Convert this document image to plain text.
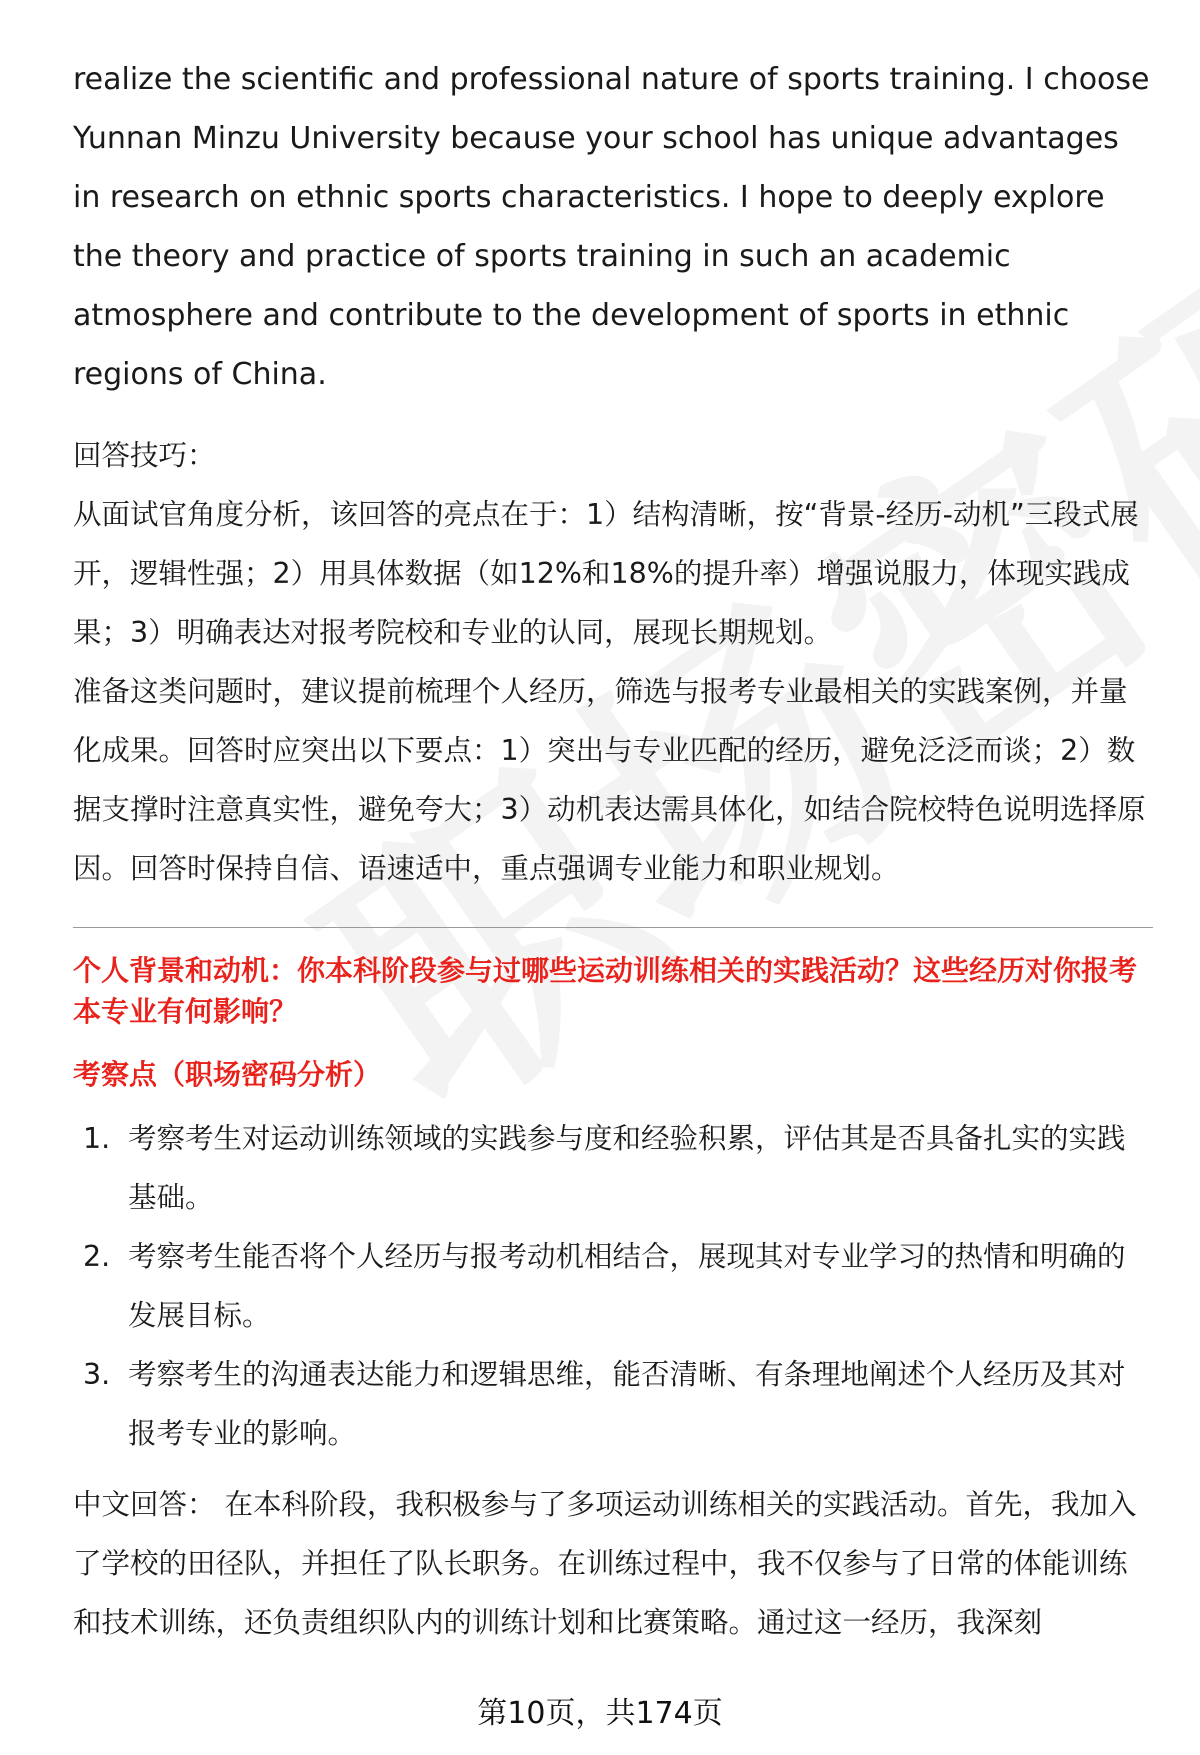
realize the scientific and professional nature of sports training. I choose Yunnan Minzu University because your school has unique advantages in research on ethnic sports characteristics. I hope to deeply explore the theory and practice of sports training in such an academic atmosphere and contribute to the development of sports in ethnic regions of China.

回答技巧：

从面试官角度分析，该回答的亮点在于：1）结构清晰，按“背景-经历-动机”三段式展开，逻辑性强；2）用具体数据（如12%和18%的提升率）增强说服力，体现实践成果；3）明确表达对报考院校和专业的认同，展现长期规划。

准备这类问题时，建议提前梳理个人经历，筛选与报考专业最相关的实践案例，并量化成果。回答时应突出以下要点：1）突出与专业匹配的经历，避免泛泛而谈；2）数据支撑时注意真实性，避免夸大；3）动机表达需具体化，如结合院校特色说明选择原因。回答时保持自信、语速适中，重点强调专业能力和职业规划。

个人背景和动机：你本科阶段参与过哪些运动训练相关的实践活动？这些经历对你报考本专业有何影响？

考察点（职场密码分析）

1. 考察考生对运动训练领域的实践参与度和经验积累，评估其是否具备扎实的实践基础。
2. 考察考生能否将个人经历与报考动机相结合，展现其对专业学习的热情和明确的发展目标。
3. 考察考生的沟通表达能力和逻辑思维，能否清晰、有条理地阐述个人经历及其对报考专业的影响。

中文回答： 在本科阶段，我积极参与了多项运动训练相关的实践活动。首先，我加入了学校的田径队，并担任了队长职务。在训练过程中，我不仅参与了日常的体能训练和技术训练，还负责组织队内的训练计划和比赛策略。通过这一经历，我深刻

第10页，共174页
